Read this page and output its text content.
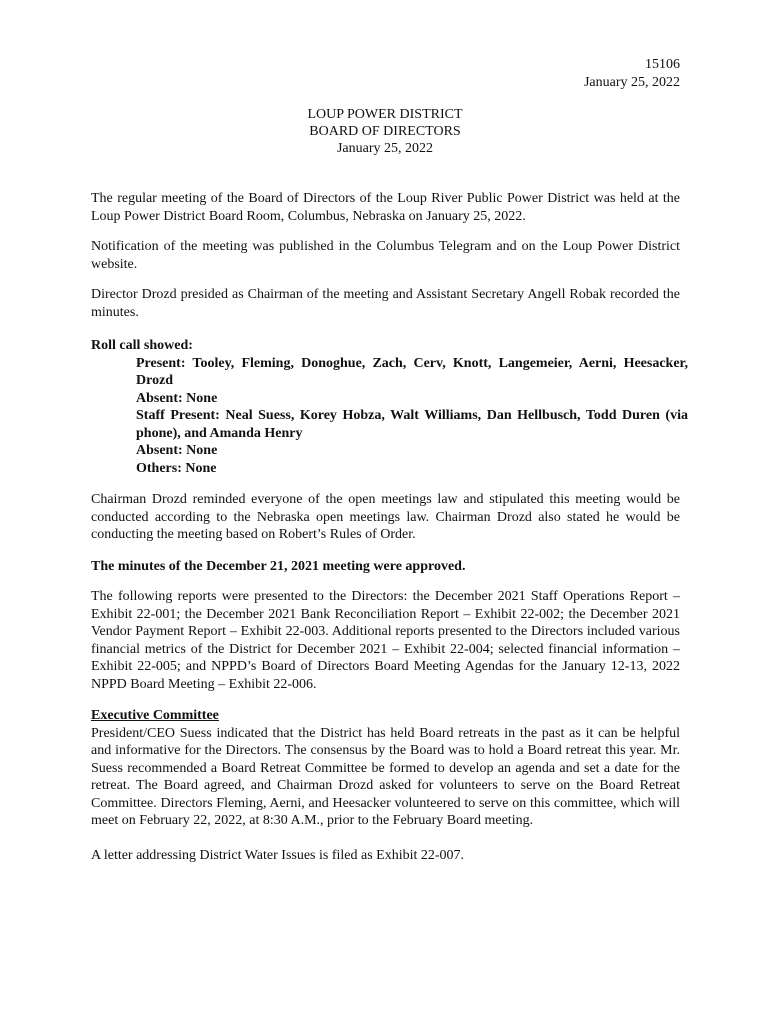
15106
January 25, 2022
LOUP POWER DISTRICT
BOARD OF DIRECTORS
January 25, 2022

The regular meeting of the Board of Directors of the Loup River Public Power District was held at the Loup Power District Board Room, Columbus, Nebraska on January 25, 2022.

Notification of the meeting was published in the Columbus Telegram and on the Loup Power District website.

Director Drozd presided as Chairman of the meeting and Assistant Secretary Angell Robak recorded the minutes.

Roll call showed:
Present: Tooley, Fleming, Donoghue, Zach, Cerv, Knott, Langemeier, Aerni, Heesacker, Drozd
Absent: None
Staff Present: Neal Suess, Korey Hobza, Walt Williams, Dan Hellbusch, Todd Duren (via phone), and Amanda Henry
Absent: None
Others: None

Chairman Drozd reminded everyone of the open meetings law and stipulated this meeting would be conducted according to the Nebraska open meetings law. Chairman Drozd also stated he would be conducting the meeting based on Robert’s Rules of Order.

The minutes of the December 21, 2021 meeting were approved.

The following reports were presented to the Directors: the December 2021 Staff Operations Report – Exhibit 22-001; the December 2021 Bank Reconciliation Report – Exhibit 22-002; the December 2021 Vendor Payment Report – Exhibit 22-003. Additional reports presented to the Directors included various financial metrics of the District for December 2021 – Exhibit 22-004; selected financial information – Exhibit 22-005; and NPPD’s Board of Directors Board Meeting Agendas for the January 12-13, 2022 NPPD Board Meeting – Exhibit 22-006.

Executive Committee

President/CEO Suess indicated that the District has held Board retreats in the past as it can be helpful and informative for the Directors. The consensus by the Board was to hold a Board retreat this year. Mr. Suess recommended a Board Retreat Committee be formed to develop an agenda and set a date for the retreat. The Board agreed, and Chairman Drozd asked for volunteers to serve on the Board Retreat Committee. Directors Fleming, Aerni, and Heesacker volunteered to serve on this committee, which will meet on February 22, 2022, at 8:30 A.M., prior to the February Board meeting.

A letter addressing District Water Issues is filed as Exhibit 22-007.
